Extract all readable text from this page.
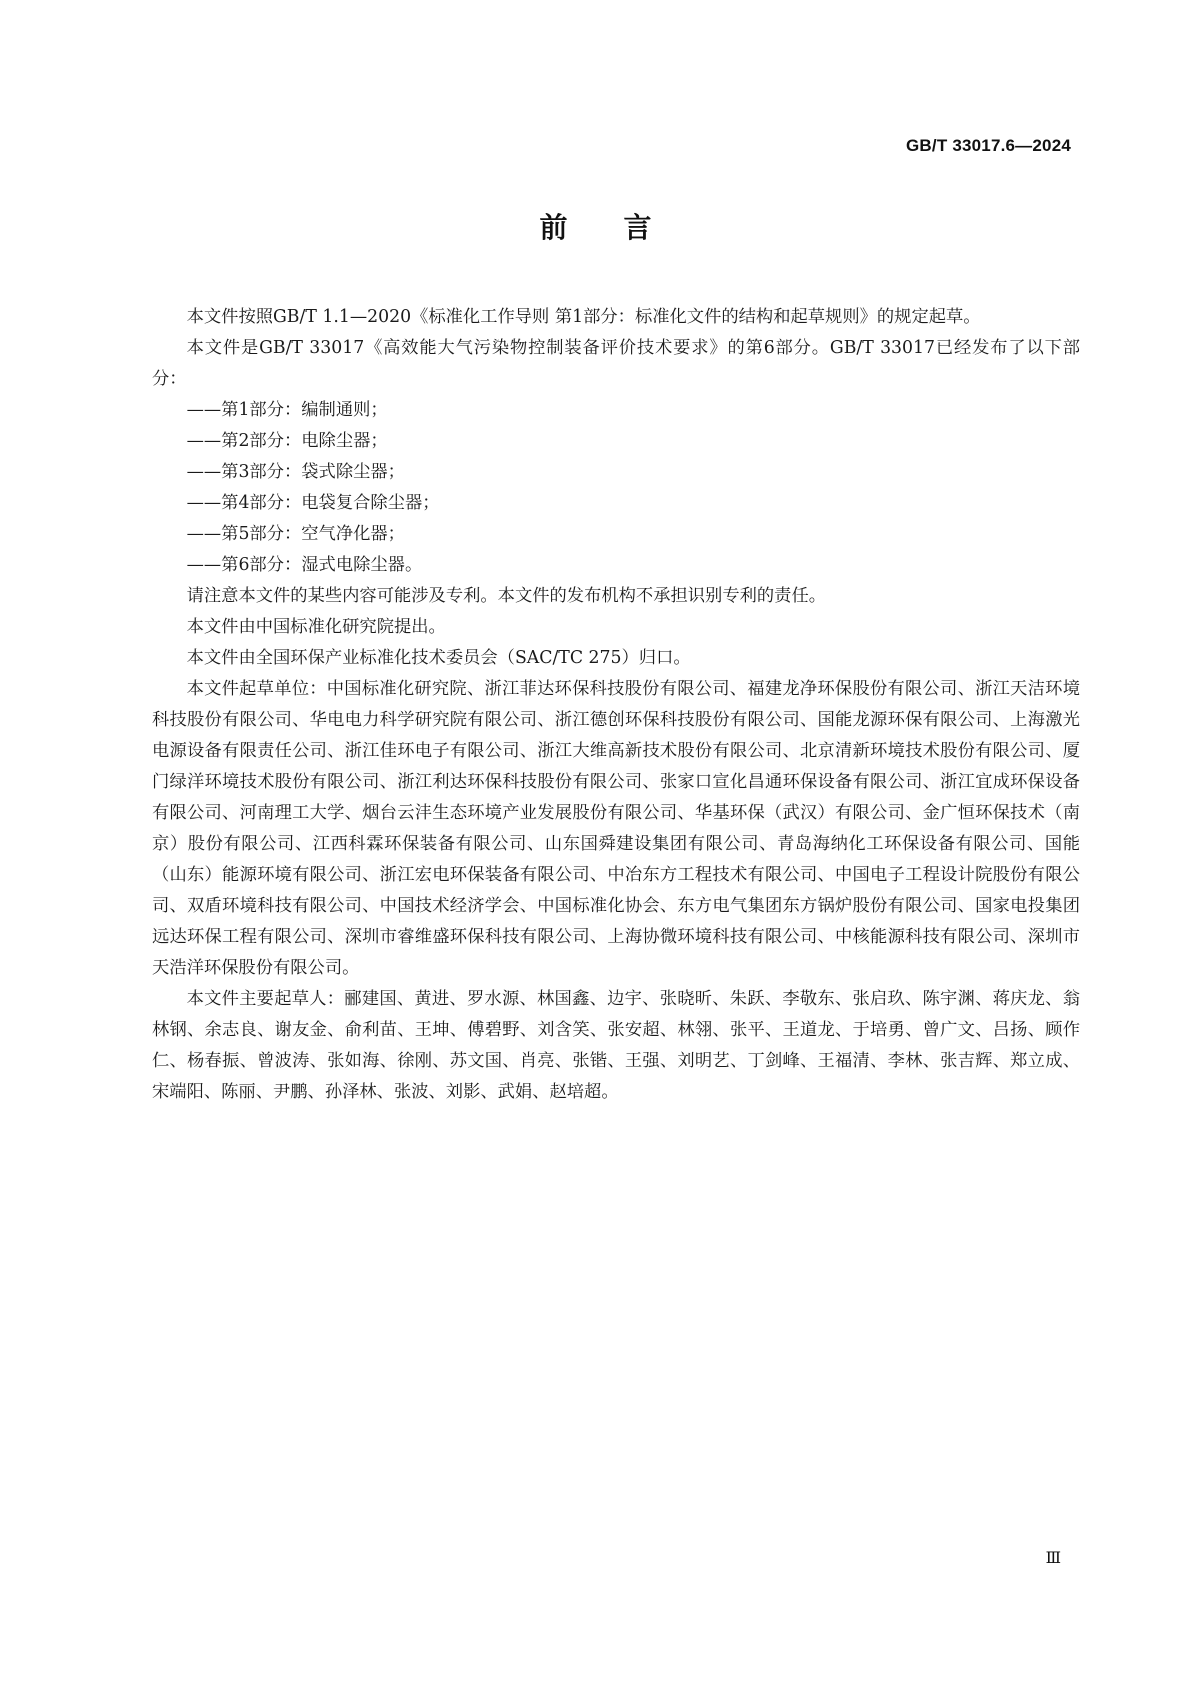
GB/T 33017.6—2024
前 言

本文件按照GB/T 1.1—2020《标准化工作导则 第1部分：标准化文件的结构和起草规则》的规定起草。

本文件是GB/T 33017《高效能大气污染物控制装备评价技术要求》的第6部分。GB/T 33017已经发布了以下部分：

——第1部分：编制通则；

——第2部分：电除尘器；

——第3部分：袋式除尘器；

——第4部分：电袋复合除尘器；

——第5部分：空气净化器；

——第6部分：湿式电除尘器。

请注意本文件的某些内容可能涉及专利。本文件的发布机构不承担识别专利的责任。

本文件由中国标准化研究院提出。

本文件由全国环保产业标准化技术委员会（SAC/TC 275）归口。

本文件起草单位：中国标准化研究院、浙江菲达环保科技股份有限公司、福建龙净环保股份有限公司、浙江天洁环境科技股份有限公司、华电电力科学研究院有限公司、浙江德创环保科技股份有限公司、国能龙源环保有限公司、上海激光电源设备有限责任公司、浙江佳环电子有限公司、浙江大维高新技术股份有限公司、北京清新环境技术股份有限公司、厦门绿洋环境技术股份有限公司、浙江利达环保科技股份有限公司、张家口宣化昌通环保设备有限公司、浙江宜成环保设备有限公司、河南理工大学、烟台云沣生态环境产业发展股份有限公司、华基环保（武汉）有限公司、金广恒环保技术（南京）股份有限公司、江西科霖环保装备有限公司、山东国舜建设集团有限公司、青岛海纳化工环保设备有限公司、国能（山东）能源环境有限公司、浙江宏电环保装备有限公司、中冶东方工程技术有限公司、中国电子工程设计院股份有限公司、双盾环境科技有限公司、中国技术经济学会、中国标准化协会、东方电气集团东方锅炉股份有限公司、国家电投集团远达环保工程有限公司、深圳市睿维盛环保科技有限公司、上海协微环境科技有限公司、中核能源科技有限公司、深圳市天浩洋环保股份有限公司。

本文件主要起草人：郦建国、黄进、罗水源、林国鑫、边宇、张晓昕、朱跃、李敬东、张启玖、陈宇渊、蒋庆龙、翁林钢、余志良、谢友金、俞利苗、王坤、傅碧野、刘含笑、张安超、林翎、张平、王道龙、于培勇、曾广文、吕扬、顾作仁、杨春振、曾波涛、张如海、徐刚、苏文国、肖亮、张锴、王强、刘明艺、丁剑峰、王福清、李林、张吉辉、郑立成、宋端阳、陈丽、尹鹏、孙泽林、张波、刘影、武娟、赵培超。

Ⅲ
